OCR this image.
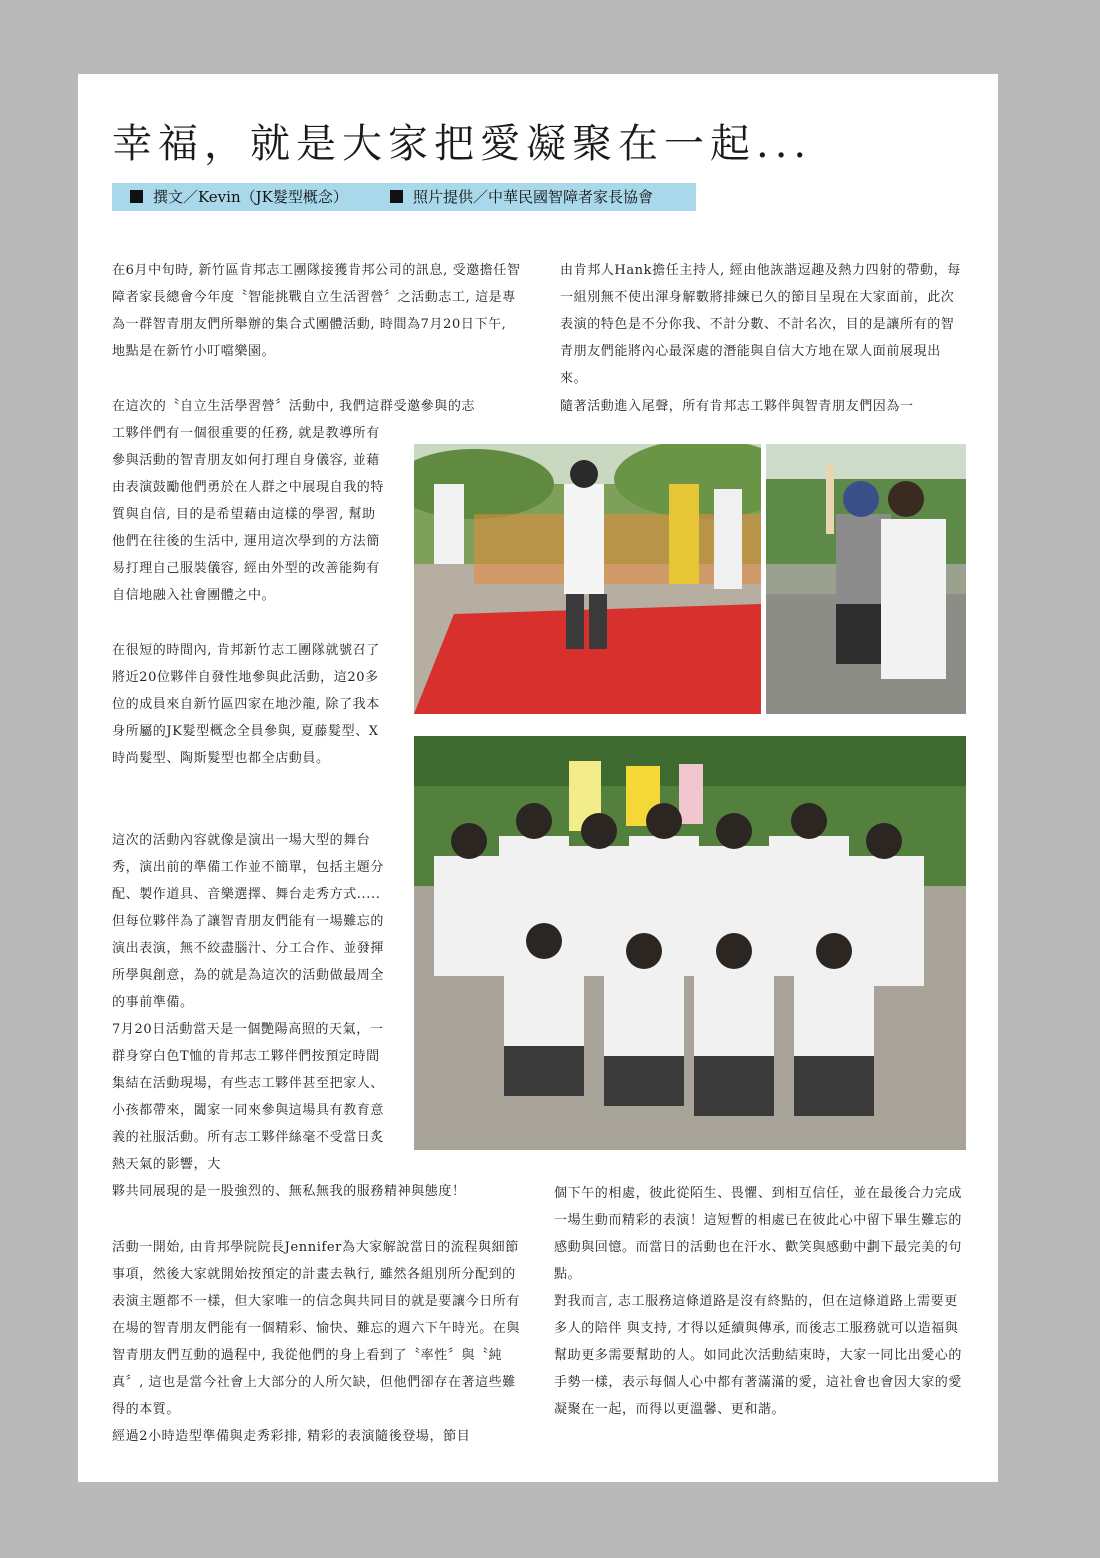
幸福，就是大家把愛凝聚在一起...
撰文／Kevin（JK髮型概念）	照片提供／中華民國智障者家長協會

在6月中旬時, 新竹區肯邦志工團隊接獲肯邦公司的訊息, 受邀擔任智障者家長總會今年度〝智能挑戰自立生活習營〞之活動志工, 這是專為一群智青朋友們所舉辦的集合式團體活動, 時間為7月20日下午, 地點是在新竹小叮噹樂園。

在這次的〝自立生活學習營〞活動中, 我們這群受邀參與的志

工夥伴們有一個很重要的任務, 就是教導所有參與活動的智青朋友如何打理自身儀容, 並藉由表演鼓勵他們勇於在人群之中展現自我的特質與自信, 目的是希望藉由這樣的學習, 幫助他們在往後的生活中, 運用這次學到的方法簡易打理自己服裝儀容, 經由外型的改善能夠有自信地融入社會團體之中。

在很短的時間內, 肯邦新竹志工團隊就號召了將近20位夥伴自發性地參與此活動，這20多位的成員來自新竹區四家在地沙龍, 除了我本身所屬的JK髮型概念全員參與, 夏藤髮型、X時尚髮型、陶斯髮型也都全店動員。

這次的活動內容就像是演出一場大型的舞台秀，演出前的準備工作並不簡單，包括主題分配、製作道具、音樂選擇、舞台走秀方式.....但每位夥伴為了讓智青朋友們能有一場難忘的演出表演，無不絞盡腦汁、分工合作、並發揮所學與創意，為的就是為這次的活動做最周全的事前準備。

7月20日活動當天是一個艷陽高照的天氣，一群身穿白色T恤的肯邦志工夥伴們按預定時間集結在活動現場，有些志工夥伴甚至把家人、小孩都帶來，闔家一同來參與這場具有教育意義的社服活動。所有志工夥伴絲毫不受當日炙熱天氣的影響，大

夥共同展現的是一股強烈的、無私無我的服務精神與態度！

活動一開始, 由肯邦學院院長Jennifer為大家解說當日的流程與細節事項，然後大家就開始按預定的計畫去執行, 雖然各組別所分配到的表演主題都不一樣，但大家唯一的信念與共同目的就是要讓今日所有在場的智青朋友們能有一個精彩、愉快、難忘的週六下午時光。在與智青朋友們互動的過程中, 我從他們的身上看到了〝率性〞與〝純真〞, 這也是當今社會上大部分的人所欠缺，但他們卻存在著這些難得的本質。

經過2小時造型準備與走秀彩排, 精彩的表演隨後登場，節目

由肯邦人Hank擔任主持人, 經由他詼諧逗趣及熱力四射的帶動，每一組別無不使出渾身解數將排練已久的節目呈現在大家面前，此次表演的特色是不分你我、不計分數、不計名次，目的是讓所有的智青朋友們能將內心最深處的潛能與自信大方地在眾人面前展現出來。

隨著活動進入尾聲，所有肯邦志工夥伴與智青朋友們因為一

個下午的相處，彼此從陌生、畏懼、到相互信任，並在最後合力完成一場生動而精彩的表演！這短暫的相處已在彼此心中留下畢生難忘的感動與回憶。而當日的活動也在汗水、歡笑與感動中劃下最完美的句點。

對我而言, 志工服務這條道路是沒有終點的，但在這條道路上需要更多人的陪伴 與支持, 才得以延續與傳承, 而後志工服務就可以造福與幫助更多需要幫助的人。如同此次活動結束時，大家一同比出愛心的手勢一樣，表示每個人心中都有著滿滿的愛，這社會也會因大家的愛凝聚在一起，而得以更溫馨、更和諧。
